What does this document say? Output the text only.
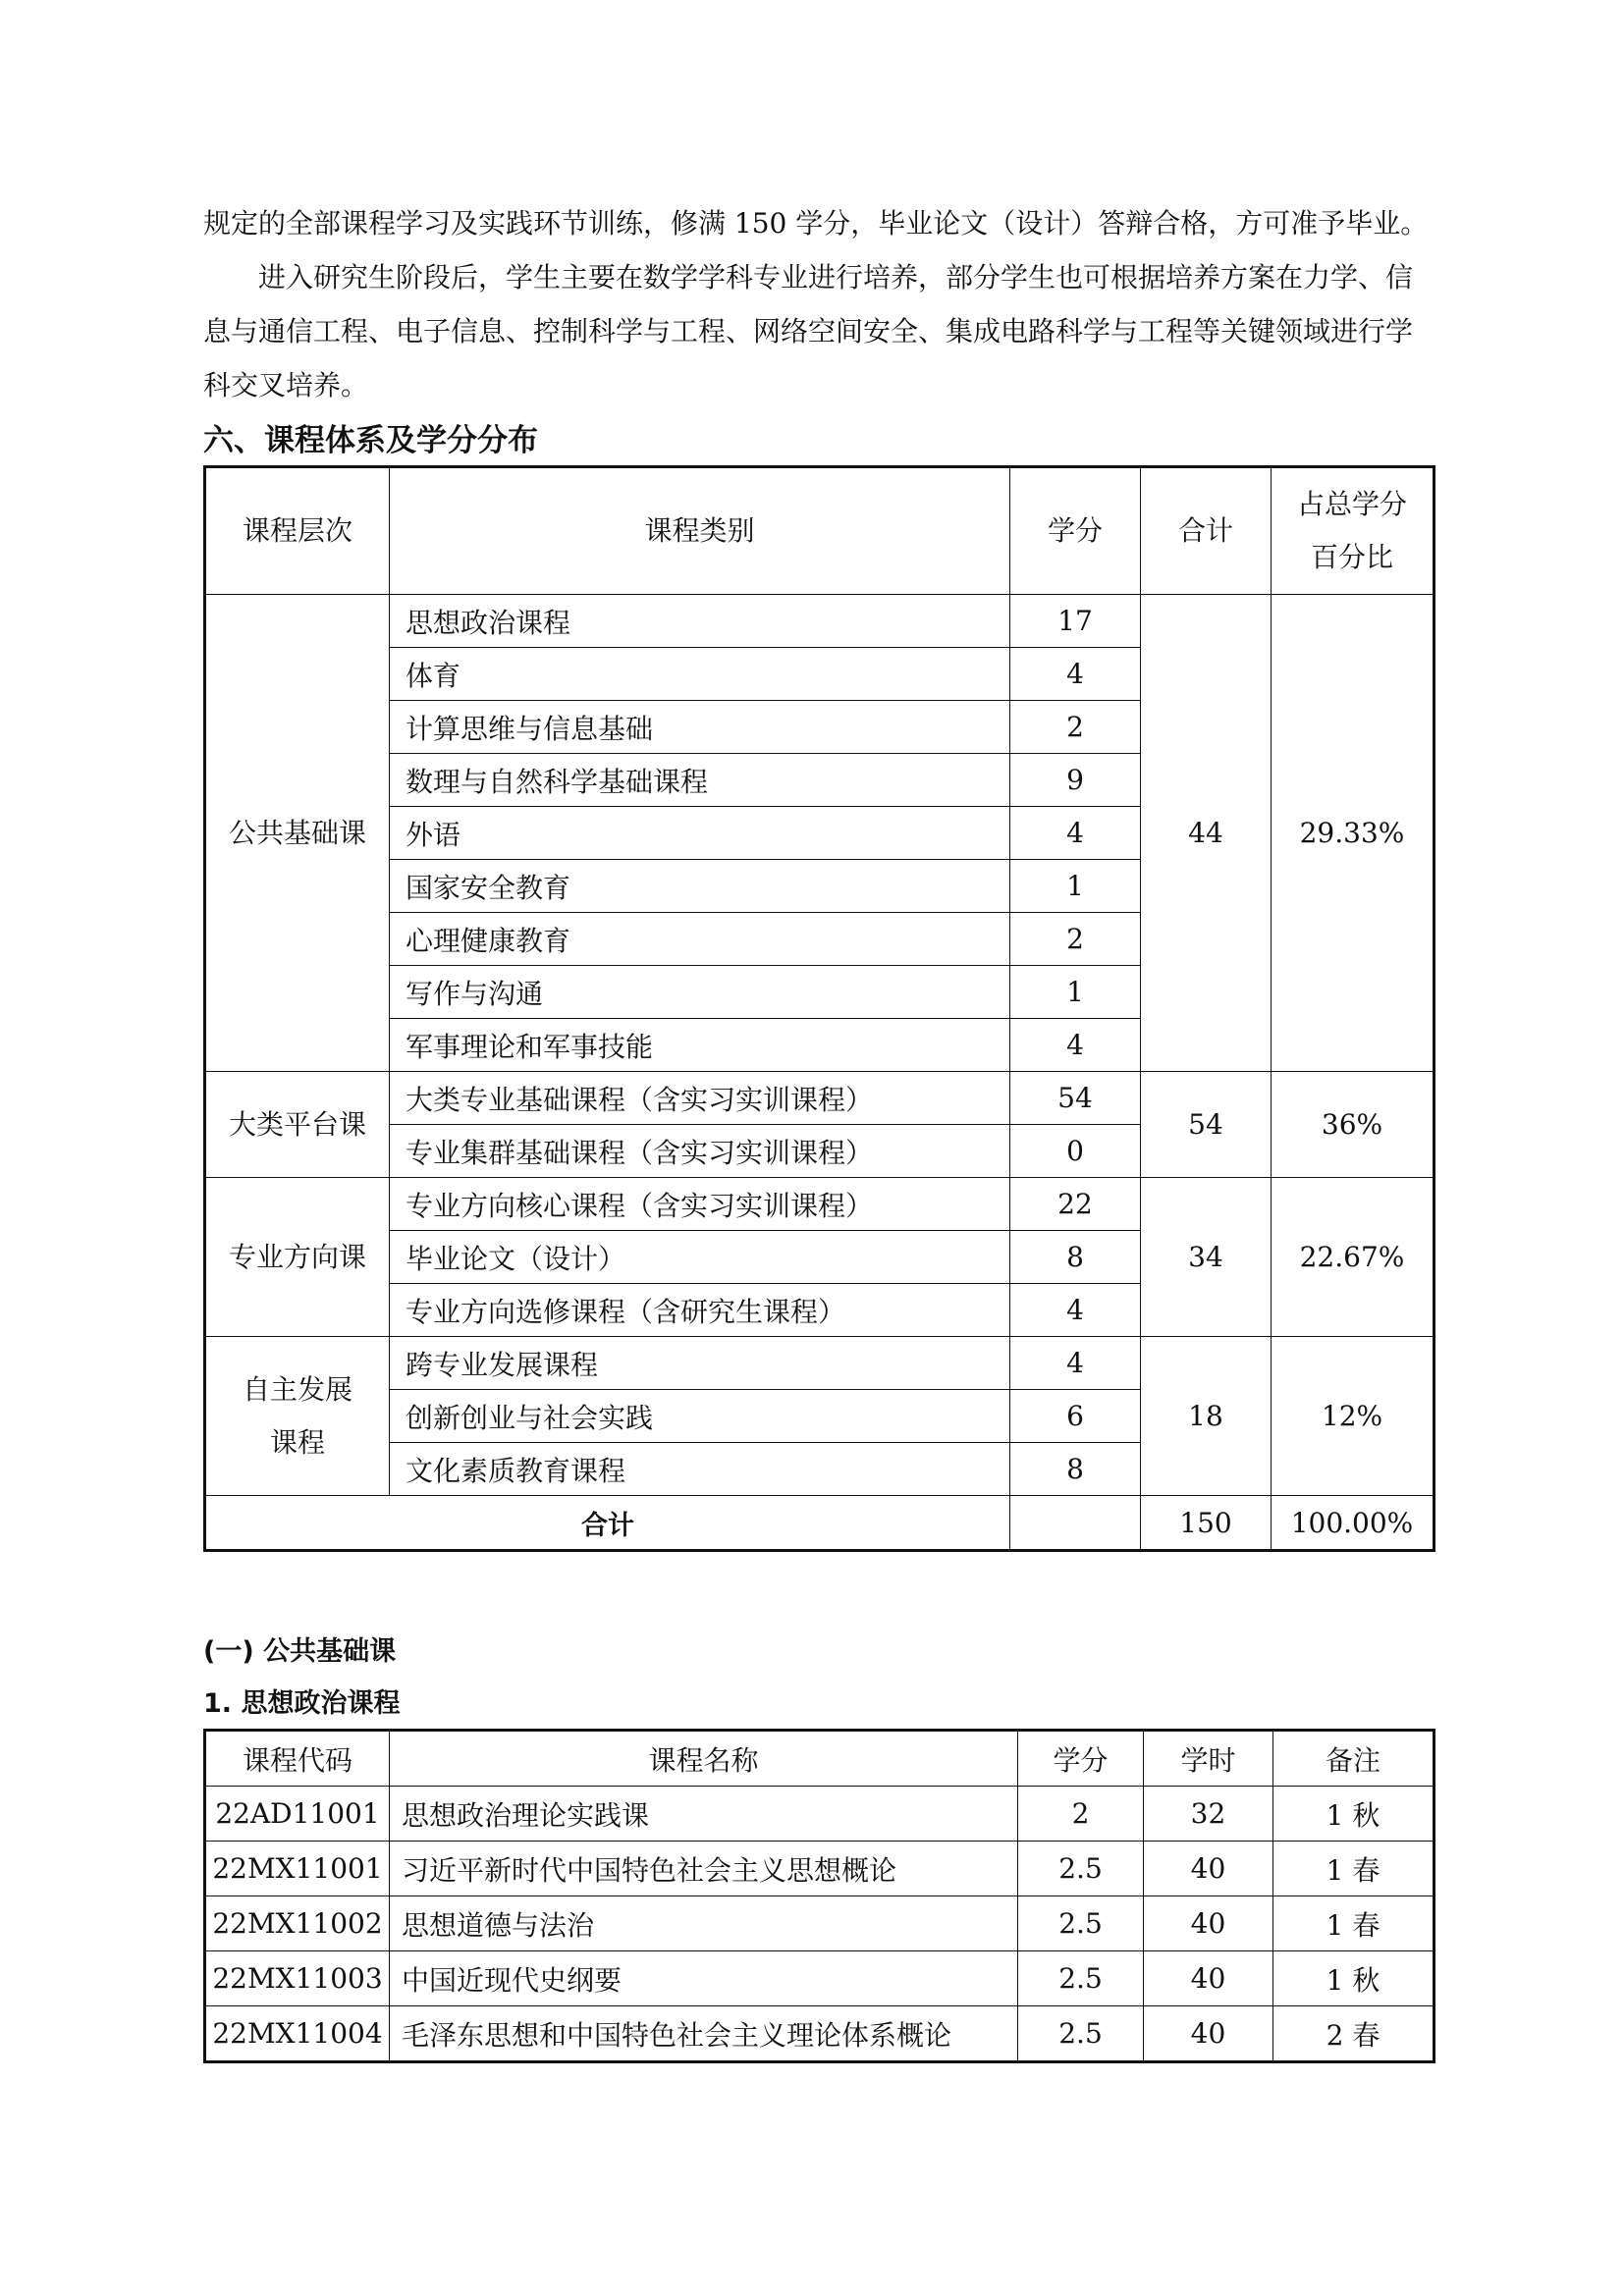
规定的全部课程学习及实践环节训练，修满 150 学分，毕业论文（设计）答辩合格，方可准予毕业。

进入研究生阶段后，学生主要在数学学科专业进行培养，部分学生也可根据培养方案在力学、信息与通信工程、电子信息、控制科学与工程、网络空间安全、集成电路科学与工程等关键领域进行学科交叉培养。

六、课程体系及学分分布
课程层次	课程类别	学分	合计	占总学分
百分比
公共基础课	思想政治课程	17	44	29.33%
	体育	4		
	计算思维与信息基础	2		
	数理与自然科学基础课程	9		
	外语	4		
	国家安全教育	1		
	心理健康教育	2		
	写作与沟通	1		
	军事理论和军事技能	4		
大类平台课	大类专业基础课程（含实习实训课程）	54	54	36%
	专业集群基础课程（含实习实训课程）	0		
专业方向课	专业方向核心课程（含实习实训课程）	22	34	22.67%
	毕业论文（设计）	8		
	专业方向选修课程（含研究生课程）	4		
自主发展
课程	跨专业发展课程	4	18	12%
	创新创业与社会实践	6		
	文化素质教育课程	8		
合计			150	100.00%
(一) 公共基础课
1. 思想政治课程
课程代码	课程名称	学分	学时	备注
22AD11001	思想政治理论实践课	2	32	1 秋
22MX11001	习近平新时代中国特色社会主义思想概论	2.5	40	1 春
22MX11002	思想道德与法治	2.5	40	1 春
22MX11003	中国近现代史纲要	2.5	40	1 秋
22MX11004	毛泽东思想和中国特色社会主义理论体系概论	2.5	40	2 春
